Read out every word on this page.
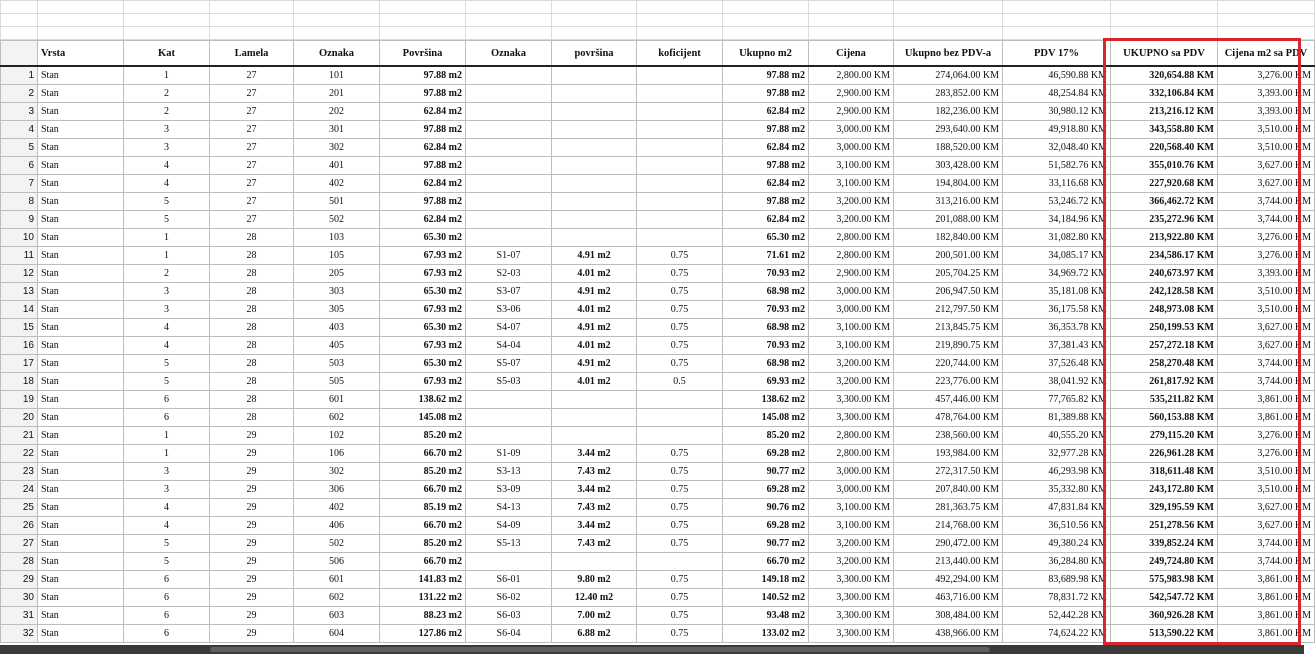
	Vrsta	Kat	Lamela	Oznaka	Površina	Oznaka	površina	koficijent	Ukupno m2	Cijena	Ukupno bez PDV-a	PDV 17%	UKUPNO sa PDV	Cijena m2 sa PDV
1	Stan	1	27	101	97.88 m2				97.88 m2	2,800.00 KM	274,064.00 KM	46,590.88 KM	320,654.88 KM	3,276.00 KM
2	Stan	2	27	201	97.88 m2				97.88 m2	2,900.00 KM	283,852.00 KM	48,254.84 KM	332,106.84 KM	3,393.00 KM
3	Stan	2	27	202	62.84 m2				62.84 m2	2,900.00 KM	182,236.00 KM	30,980.12 KM	213,216.12 KM	3,393.00 KM
4	Stan	3	27	301	97.88 m2				97.88 m2	3,000.00 KM	293,640.00 KM	49,918.80 KM	343,558.80 KM	3,510.00 KM
5	Stan	3	27	302	62.84 m2				62.84 m2	3,000.00 KM	188,520.00 KM	32,048.40 KM	220,568.40 KM	3,510.00 KM
6	Stan	4	27	401	97.88 m2				97.88 m2	3,100.00 KM	303,428.00 KM	51,582.76 KM	355,010.76 KM	3,627.00 KM
7	Stan	4	27	402	62.84 m2				62.84 m2	3,100.00 KM	194,804.00 KM	33,116.68 KM	227,920.68 KM	3,627.00 KM
8	Stan	5	27	501	97.88 m2				97.88 m2	3,200.00 KM	313,216.00 KM	53,246.72 KM	366,462.72 KM	3,744.00 KM
9	Stan	5	27	502	62.84 m2				62.84 m2	3,200.00 KM	201,088.00 KM	34,184.96 KM	235,272.96 KM	3,744.00 KM
10	Stan	1	28	103	65.30 m2				65.30 m2	2,800.00 KM	182,840.00 KM	31,082.80 KM	213,922.80 KM	3,276.00 KM
11	Stan	1	28	105	67.93 m2	S1-07	4.91 m2	0.75	71.61 m2	2,800.00 KM	200,501.00 KM	34,085.17 KM	234,586.17 KM	3,276.00 KM
12	Stan	2	28	205	67.93 m2	S2-03	4.01 m2	0.75	70.93 m2	2,900.00 KM	205,704.25 KM	34,969.72 KM	240,673.97 KM	3,393.00 KM
13	Stan	3	28	303	65.30 m2	S3-07	4.91 m2	0.75	68.98 m2	3,000.00 KM	206,947.50 KM	35,181.08 KM	242,128.58 KM	3,510.00 KM
14	Stan	3	28	305	67.93 m2	S3-06	4.01 m2	0.75	70.93 m2	3,000.00 KM	212,797.50 KM	36,175.58 KM	248,973.08 KM	3,510.00 KM
15	Stan	4	28	403	65.30 m2	S4-07	4.91 m2	0.75	68.98 m2	3,100.00 KM	213,845.75 KM	36,353.78 KM	250,199.53 KM	3,627.00 KM
16	Stan	4	28	405	67.93 m2	S4-04	4.01 m2	0.75	70.93 m2	3,100.00 KM	219,890.75 KM	37,381.43 KM	257,272.18 KM	3,627.00 KM
17	Stan	5	28	503	65.30 m2	S5-07	4.91 m2	0.75	68.98 m2	3,200.00 KM	220,744.00 KM	37,526.48 KM	258,270.48 KM	3,744.00 KM
18	Stan	5	28	505	67.93 m2	S5-03	4.01 m2	0.5	69.93 m2	3,200.00 KM	223,776.00 KM	38,041.92 KM	261,817.92 KM	3,744.00 KM
19	Stan	6	28	601	138.62 m2				138.62 m2	3,300.00 KM	457,446.00 KM	77,765.82 KM	535,211.82 KM	3,861.00 KM
20	Stan	6	28	602	145.08 m2				145.08 m2	3,300.00 KM	478,764.00 KM	81,389.88 KM	560,153.88 KM	3,861.00 KM
21	Stan	1	29	102	85.20 m2				85.20 m2	2,800.00 KM	238,560.00 KM	40,555.20 KM	279,115.20 KM	3,276.00 KM
22	Stan	1	29	106	66.70 m2	S1-09	3.44 m2	0.75	69.28 m2	2,800.00 KM	193,984.00 KM	32,977.28 KM	226,961.28 KM	3,276.00 KM
23	Stan	3	29	302	85.20 m2	S3-13	7.43 m2	0.75	90.77 m2	3,000.00 KM	272,317.50 KM	46,293.98 KM	318,611.48 KM	3,510.00 KM
24	Stan	3	29	306	66.70 m2	S3-09	3.44 m2	0.75	69.28 m2	3,000.00 KM	207,840.00 KM	35,332.80 KM	243,172.80 KM	3,510.00 KM
25	Stan	4	29	402	85.19 m2	S4-13	7.43 m2	0.75	90.76 m2	3,100.00 KM	281,363.75 KM	47,831.84 KM	329,195.59 KM	3,627.00 KM
26	Stan	4	29	406	66.70 m2	S4-09	3.44 m2	0.75	69.28 m2	3,100.00 KM	214,768.00 KM	36,510.56 KM	251,278.56 KM	3,627.00 KM
27	Stan	5	29	502	85.20 m2	S5-13	7.43 m2	0.75	90.77 m2	3,200.00 KM	290,472.00 KM	49,380.24 KM	339,852.24 KM	3,744.00 KM
28	Stan	5	29	506	66.70 m2				66.70 m2	3,200.00 KM	213,440.00 KM	36,284.80 KM	249,724.80 KM	3,744.00 KM
29	Stan	6	29	601	141.83 m2	S6-01	9.80 m2	0.75	149.18 m2	3,300.00 KM	492,294.00 KM	83,689.98 KM	575,983.98 KM	3,861.00 KM
30	Stan	6	29	602	131.22 m2	S6-02	12.40 m2	0.75	140.52 m2	3,300.00 KM	463,716.00 KM	78,831.72 KM	542,547.72 KM	3,861.00 KM
31	Stan	6	29	603	88.23 m2	S6-03	7.00 m2	0.75	93.48 m2	3,300.00 KM	308,484.00 KM	52,442.28 KM	360,926.28 KM	3,861.00 KM
32	Stan	6	29	604	127.86 m2	S6-04	6.88 m2	0.75	133.02 m2	3,300.00 KM	438,966.00 KM	74,624.22 KM	513,590.22 KM	3,861.00 KM
